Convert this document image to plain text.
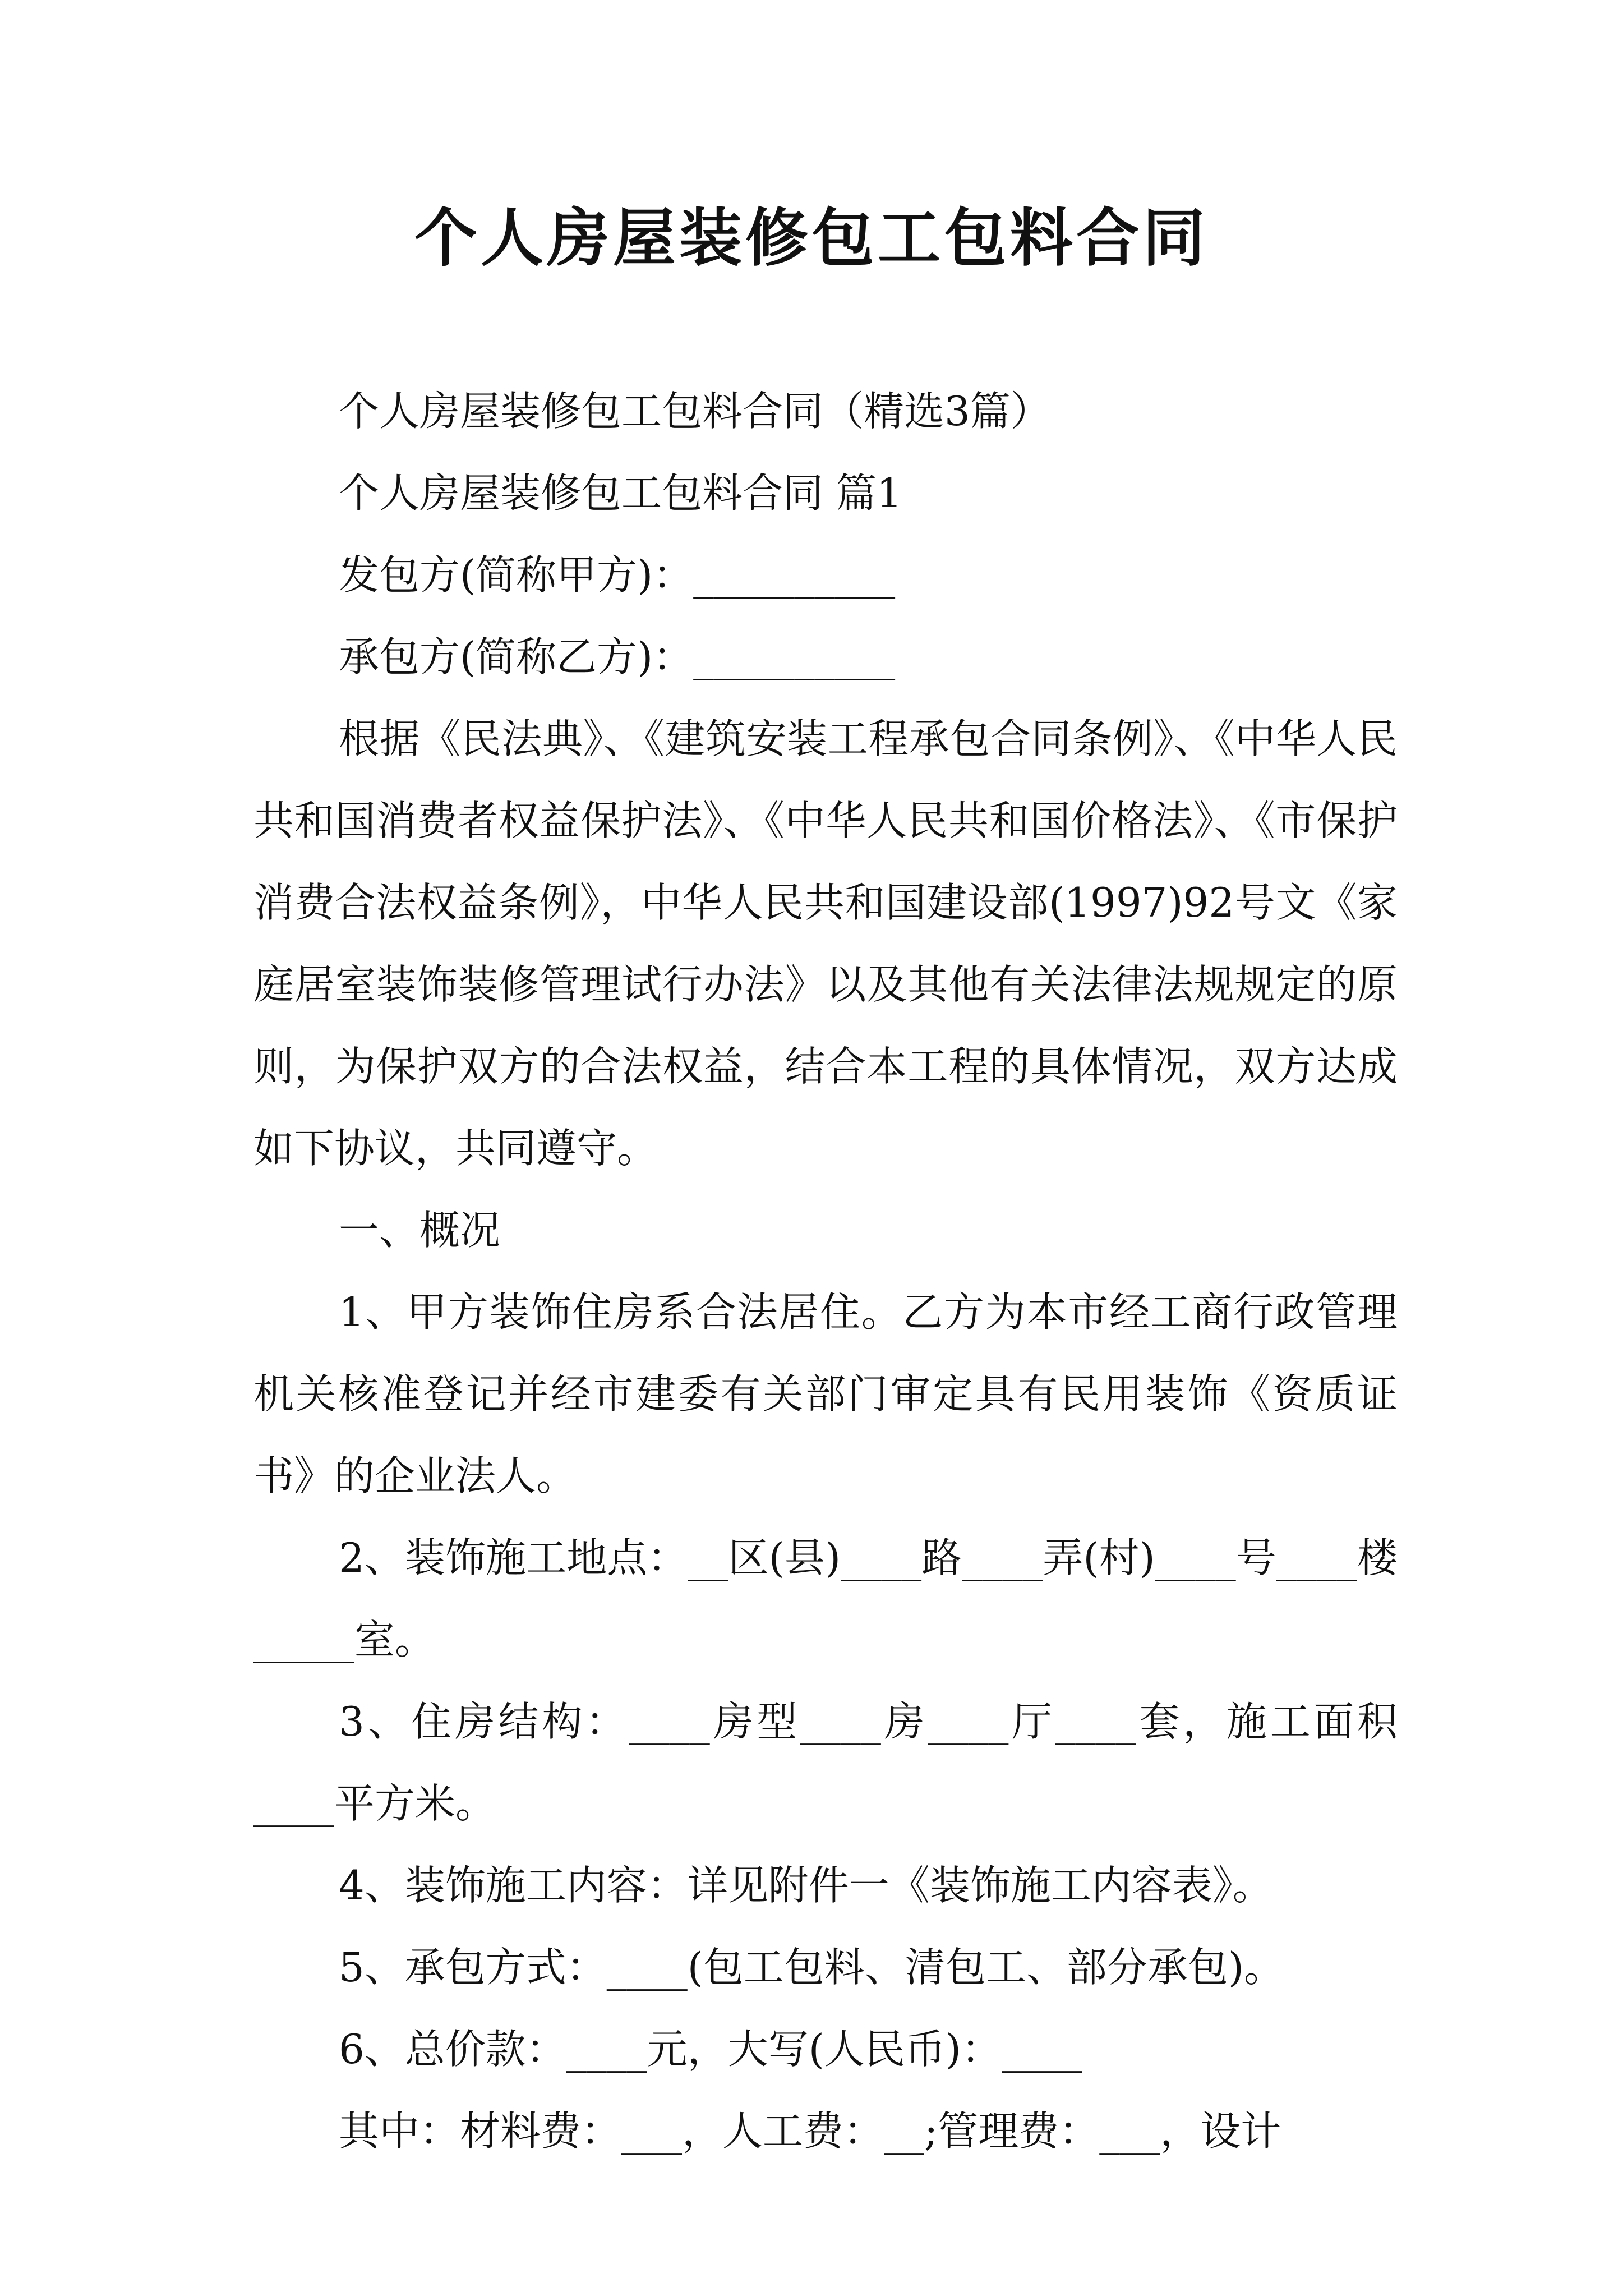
个人房屋装修包工包料合同

个人房屋装修包工包料合同（精选3篇）

个人房屋装修包工包料合同 篇1

发包方(简称甲方)：__________

承包方(简称乙方)：__________

根据《民法典》、《建筑安装工程承包合同条例》、《中华人民共和国消费者权益保护法》、《中华人民共和国价格法》、《市保护消费合法权益条例》，中华人民共和国建设部(1997)92号文《家庭居室装饰装修管理试行办法》以及其他有关法律法规规定的原则，为保护双方的合法权益，结合本工程的具体情况，双方达成如下协议，共同遵守。

一、概况

1、甲方装饰住房系合法居住。乙方为本市经工商行政管理机关核准登记并经市建委有关部门审定具有民用装饰《资质证书》的企业法人。

2、装饰施工地点：__区(县)____路____弄(村)____号____楼_____室。

3、住房结构：____房型____房____厅____套，施工面积____平方米。

4、装饰施工内容：详见附件一《装饰施工内容表》。

5、承包方式：____(包工包料、清包工、部分承包)。

6、总价款：____元，大写(人民币)：____

其中：材料费：___，人工费：__;管理费：___，设计
